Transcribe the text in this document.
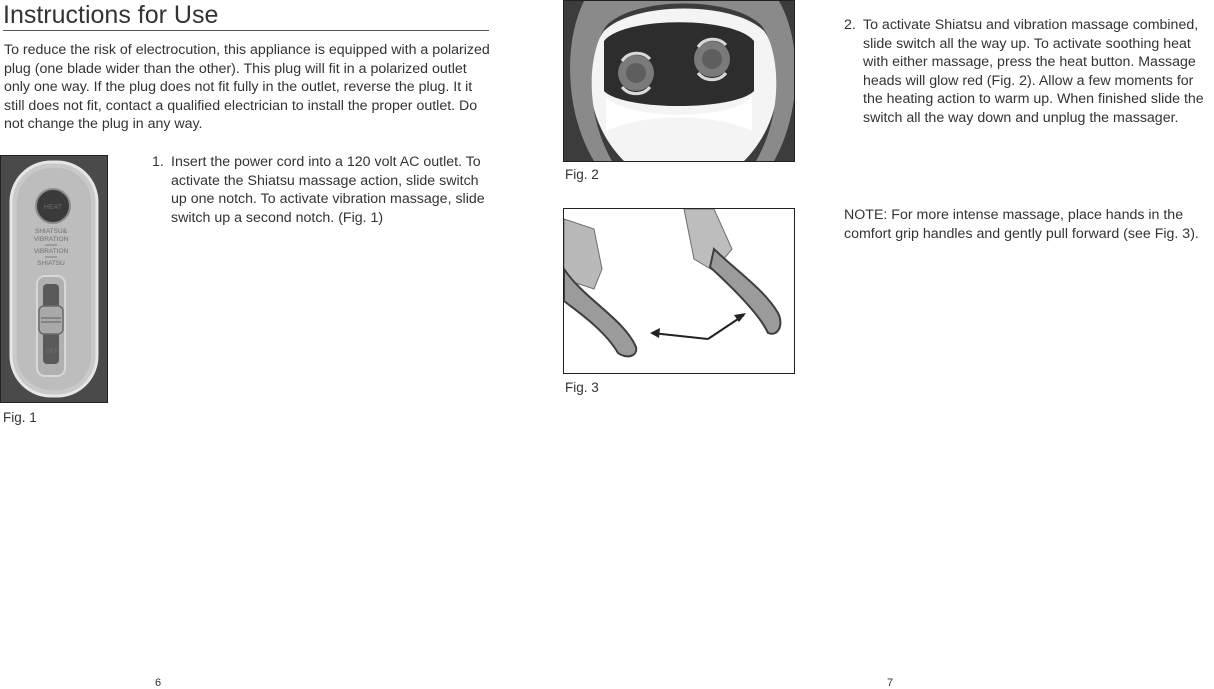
Instructions for Use
To reduce the risk of electrocution, this appliance is equipped with a polarized plug (one blade wider than the other). This plug will fit in a polarized outlet only one way. If the plug does not fit fully in the outlet, reverse the plug. It it still does not fit, contact a qualified electrician to install the proper outlet. Do not change the plug in any way.
HEAT
SHIATSU&
VIBRATION
VIBRATION
SHIATSU
OFF
Fig. 1
1. Insert the power cord into a 120 volt AC outlet. To activate the Shiatsu massage action, slide switch up one notch. To activate vibration massage, slide switch up a second notch. (Fig. 1)
6
Fig. 2
Fig. 3
2. To activate Shiatsu and vibration massage combined, slide switch all the way up. To activate soothing heat with either massage, press the heat button. Massage heads will glow red (Fig. 2). Allow a few moments for the heating action to warm up. When finished slide the switch all the way down and unplug the massager.
NOTE: For more intense massage, place hands in the comfort grip handles and gently pull forward (see Fig. 3).
7
